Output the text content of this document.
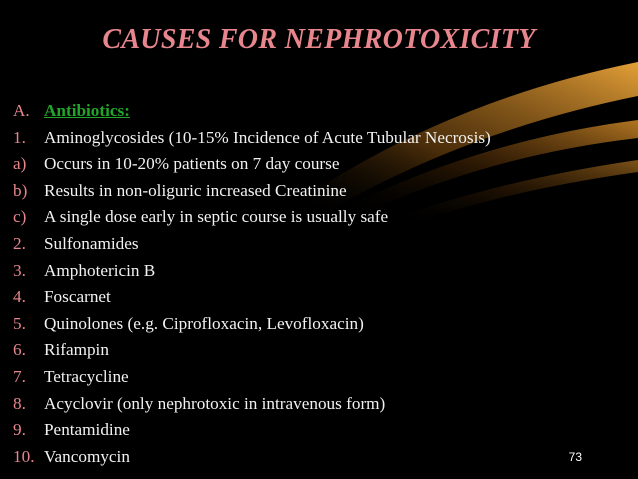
CAUSES FOR NEPHROTOXICITY
A. Antibiotics:
1. Aminoglycosides (10-15% Incidence of Acute Tubular Necrosis)
a) Occurs in 10-20% patients on 7 day course
b) Results in non-oliguric increased Creatinine
c) A single dose early in septic course is usually safe
2. Sulfonamides
3. Amphotericin B
4. Foscarnet
5. Quinolones (e.g. Ciprofloxacin, Levofloxacin)
6. Rifampin
7. Tetracycline
8. Acyclovir (only nephrotoxic in intravenous form)
9. Pentamidine
10. Vancomycin	73
